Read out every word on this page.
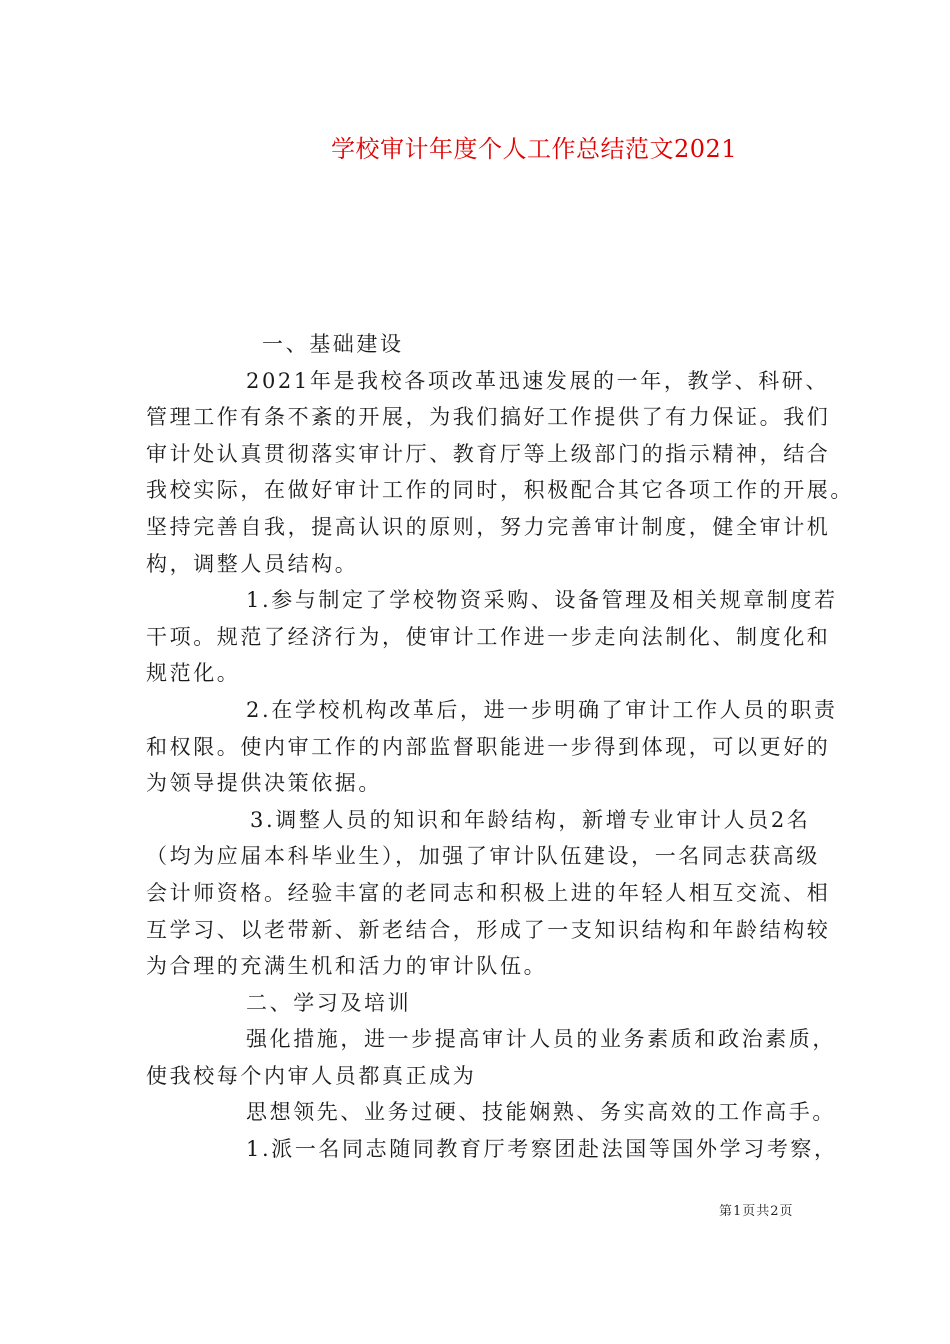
学校审计年度个人工作总结范文2021
一、基础建设
2021年是我校各项改革迅速发展的一年，教学、科研、
管理工作有条不紊的开展，为我们搞好工作提供了有力保证。我们
审计处认真贯彻落实审计厅、教育厅等上级部门的指示精神，结合
我校实际，在做好审计工作的同时，积极配合其它各项工作的开展。
坚持完善自我，提高认识的原则，努力完善审计制度，健全审计机
构，调整人员结构。
1.参与制定了学校物资采购、设备管理及相关规章制度若
干项。规范了经济行为，使审计工作进一步走向法制化、制度化和
规范化。
2.在学校机构改革后，进一步明确了审计工作人员的职责
和权限。使内审工作的内部监督职能进一步得到体现，可以更好的
为领导提供决策依据。
3.调整人员的知识和年龄结构，新增专业审计人员2名
（均为应届本科毕业生），加强了审计队伍建设，一名同志获高级
会计师资格。经验丰富的老同志和积极上进的年轻人相互交流、相
互学习、以老带新、新老结合，形成了一支知识结构和年龄结构较
为合理的充满生机和活力的审计队伍。
二、学习及培训
强化措施，进一步提高审计人员的业务素质和政治素质，
使我校每个内审人员都真正成为
思想领先、业务过硬、技能娴熟、务实高效的工作高手。
1.派一名同志随同教育厅考察团赴法国等国外学习考察，
第1页共2页
